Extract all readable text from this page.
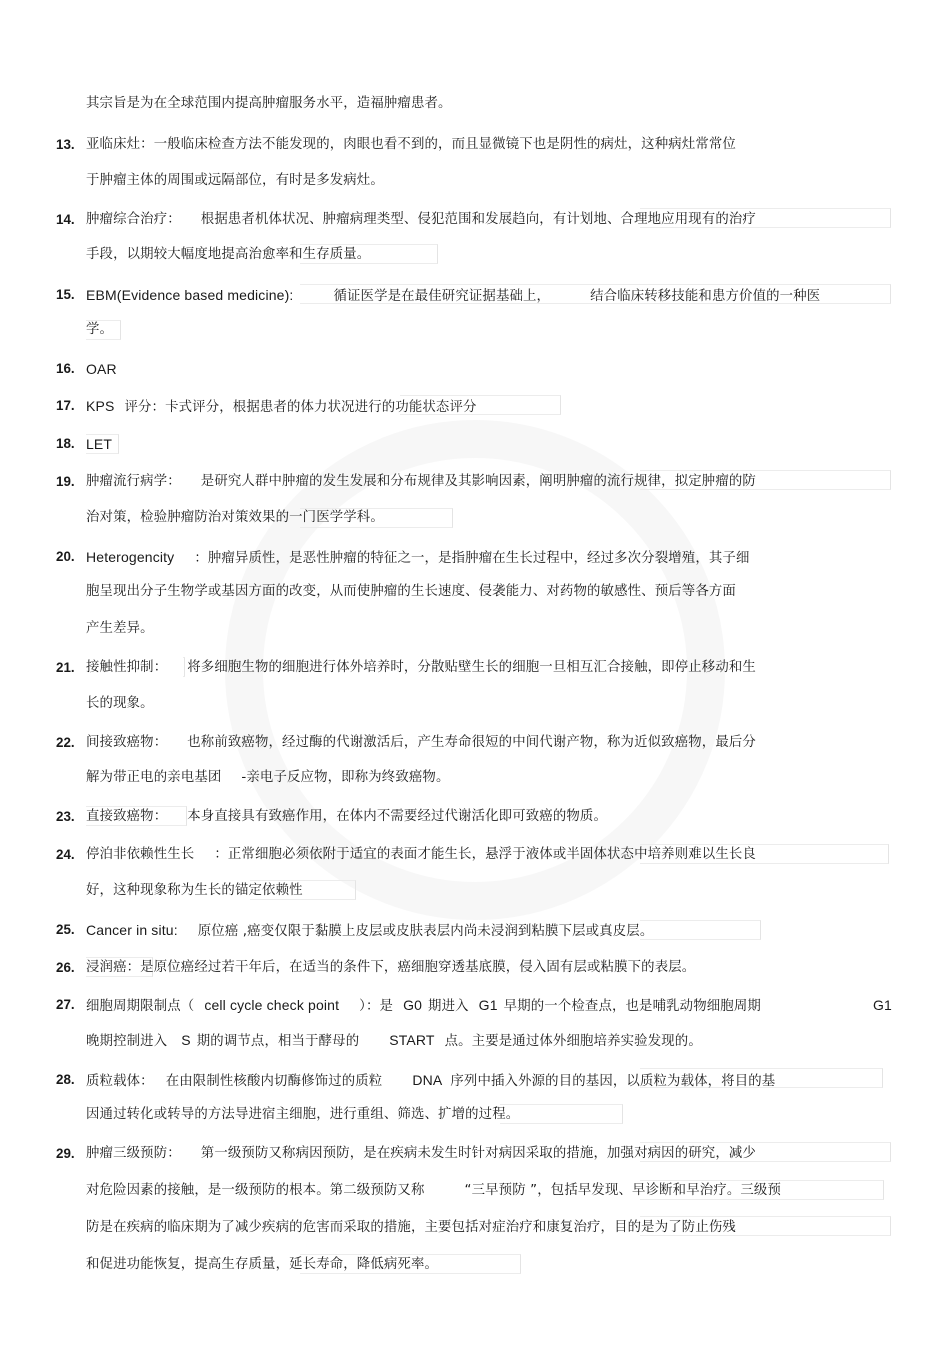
其宗旨是为在全球范围内提高肿瘤服务水平，造福肿瘤患者。
13. 亚临床灶：一般临床检查方法不能发现的，肉眼也看不到的，而且显微镜下也是阴性的病灶，这种病灶常常位
于肿瘤主体的周围或远隔部位，有时是多发病灶。
14. 肿瘤综合治疗： 根据患者机体状况、肿瘤病理类型、侵犯范围和发展趋向，有计划地、合理地应用现有的治疗
手段，以期较大幅度地提高治愈率和生存质量。
15. EBM(Evidence based medicine):	循证医学是在最佳研究证据基础上，	结合临床转移技能和患方价值的一种医
学。
16. OAR
17. KPS 评分：卡式评分，根据患者的体力状况进行的功能状态评分
18. LET
19. 肿瘤流行病学： 是研究人群中肿瘤的发生发展和分布规律及其影响因素，阐明肿瘤的流行规律，拟定肿瘤的防
治对策，检验肿瘤防治对策效果的一门医学学科。
20. Heterogencity ：肿瘤异质性，是恶性肿瘤的特征之一，是指肿瘤在生长过程中，经过多次分裂增殖，其子细
胞呈现出分子生物学或基因方面的改变，从而使肿瘤的生长速度、侵袭能力、对药物的敏感性、预后等各方面
产生差异。
21. 接触性抑制： 将多细胞生物的细胞进行体外培养时，分散贴壁生长的细胞一旦相互汇合接触，即停止移动和生
长的现象。
22. 间接致癌物： 也称前致癌物，经过酶的代谢激活后，产生寿命很短的中间代谢产物，称为近似致癌物，最后分
解为带正电的亲电基团 -亲电子反应物，即称为终致癌物。
23. 直接致癌物： 本身直接具有致癌作用，在体内不需要经过代谢活化即可致癌的物质。
24. 停泊非依赖性生长 ：正常细胞必须依附于适宜的表面才能生长，悬浮于液体或半固体状态中培养则难以生长良
好，这种现象称为生长的锚定依赖性
25. Cancer in situ: 原位癌 ,癌变仅限于黏膜上皮层或皮肤表层内尚未浸润到粘膜下层或真皮层。
26. 浸润癌：是原位癌经过若干年后，在适当的条件下，癌细胞穿透基底膜，侵入固有层或粘膜下的表层。
27. 细胞周期限制点（ cell cycle check point ）：是 G0 期进入 G1 早期的一个检查点，也是哺乳动物细胞周期	G1
晚期控制进入 S 期的调节点，相当于酵母的 START 点。主要是通过体外细胞培养实验发现的。
28. 质粒载体： 在由限制性核酸内切酶修饰过的质粒 DNA 序列中插入外源的目的基因，以质粒为载体，将目的基
因通过转化或转导的方法导进宿主细胞，进行重组、筛选、扩增的过程。
29. 肿瘤三级预防： 第一级预防又称病因预防，是在疾病未发生时针对病因采取的措施，加强对病因的研究，减少
对危险因素的接触，是一级预防的根本。第二级预防又称	“三早预防 ”，包括早发现、早诊断和早治疗。三级预
防是在疾病的临床期为了减少疾病的危害而采取的措施，主要包括对症治疗和康复治疗，目的是为了防止伤残
和促进功能恢复，提高生存质量，延长寿命，降低病死率。
